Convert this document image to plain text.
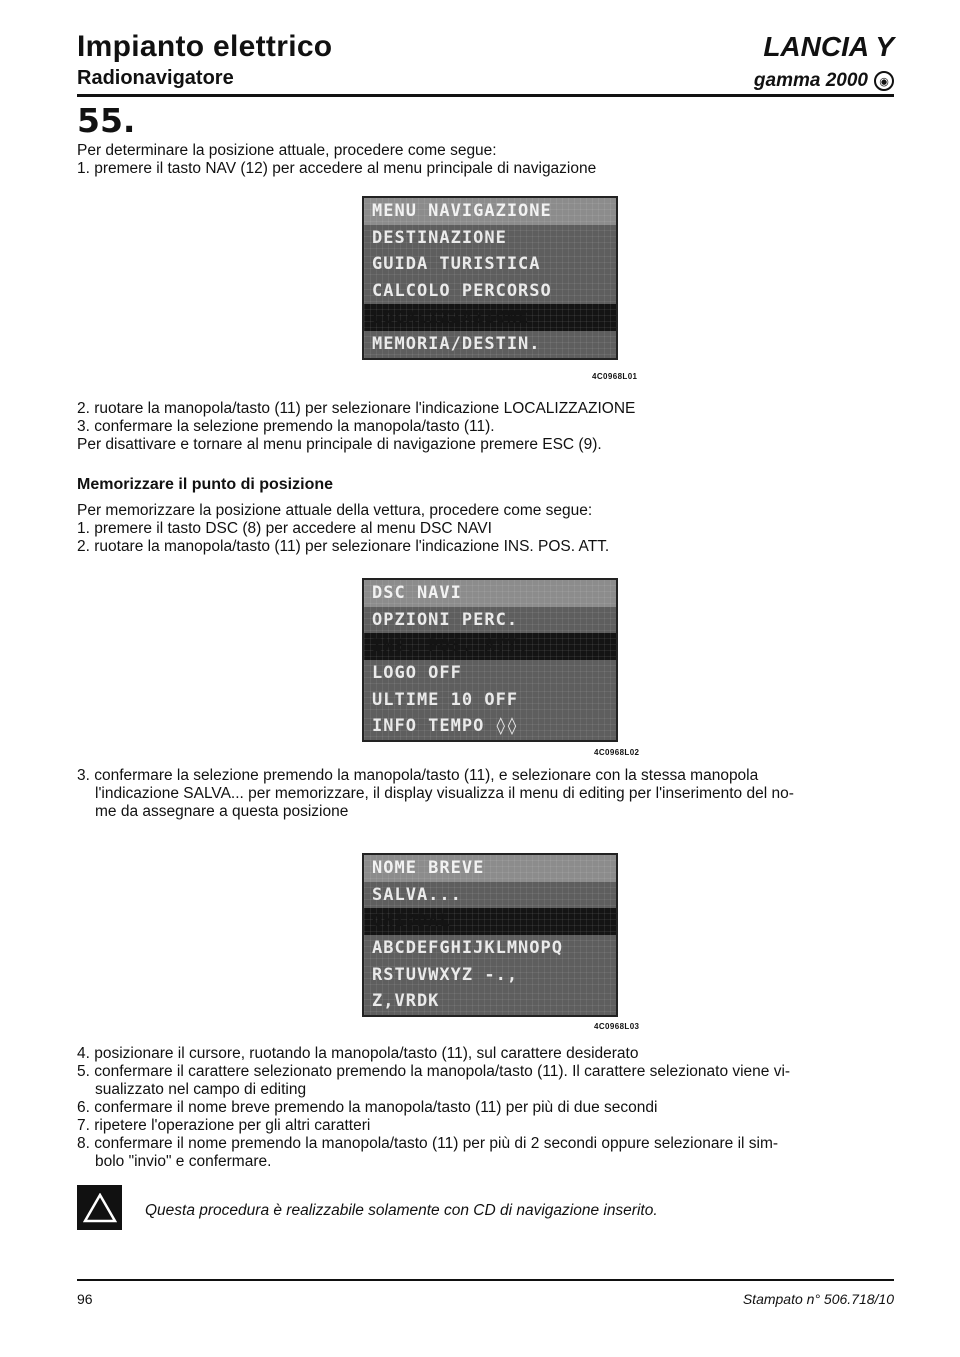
Impianto elettrico
Radionavigatore
LANCIA Y
gamma 2000	◉
55.
Per determinare la posizione attuale, procedere come segue:
1. premere il tasto NAV (12) per accedere al menu principale di navigazione
MENU NAVIGAZIONE
DESTINAZIONE
GUIDA TURISTICA
CALCOLO PERCORSO
LOCALIZZAZIONE
MEMORIA/DESTIN.
4C0968L01
2. ruotare la manopola/tasto (11) per selezionare l'indicazione LOCALIZZAZIONE
3. confermare la selezione premendo la manopola/tasto (11).
Per disattivare e tornare al menu principale di navigazione premere ESC (9).
Memorizzare il punto di posizione
Per memorizzare la posizione attuale della vettura, procedere come segue:
1. premere il tasto DSC (8) per accedere al menu DSC NAVI
2. ruotare la manopola/tasto (11) per selezionare l'indicazione INS. POS. ATT.
DSC NAVI
OPZIONI PERC.
INS. POS. ATT.
LOGO OFF
ULTIME 10 OFF
INFO TEMPO ◊◊
4C0968L02
3. confermare la selezione premendo la manopola/tasto (11), e selezionare con la stessa manopola
l'indicazione SALVA... per memorizzare, il display visualizza il menu di editing per l'inserimento del no-
me da assegnare a questa posizione
NOME BREVE
SALVA...
GHIDDAL
ABCDEFGHIJKLMNOPQ
RSTUVWXYZ -.,
Z,VRDK
4C0968L03
4. posizionare il cursore, ruotando la manopola/tasto (11), sul carattere desiderato
5. confermare il carattere selezionato premendo la manopola/tasto (11). Il carattere selezionato viene vi-
sualizzato nel campo di editing
6. confermare il nome breve premendo la manopola/tasto (11) per più di due secondi
7. ripetere l'operazione per gli altri caratteri
8. confermare il nome premendo la manopola/tasto (11) per più di 2 secondi oppure selezionare il sim-
bolo "invio" e confermare.
Questa procedura è realizzabile solamente con CD di navigazione inserito.
96	Stampato n° 506.718/10
